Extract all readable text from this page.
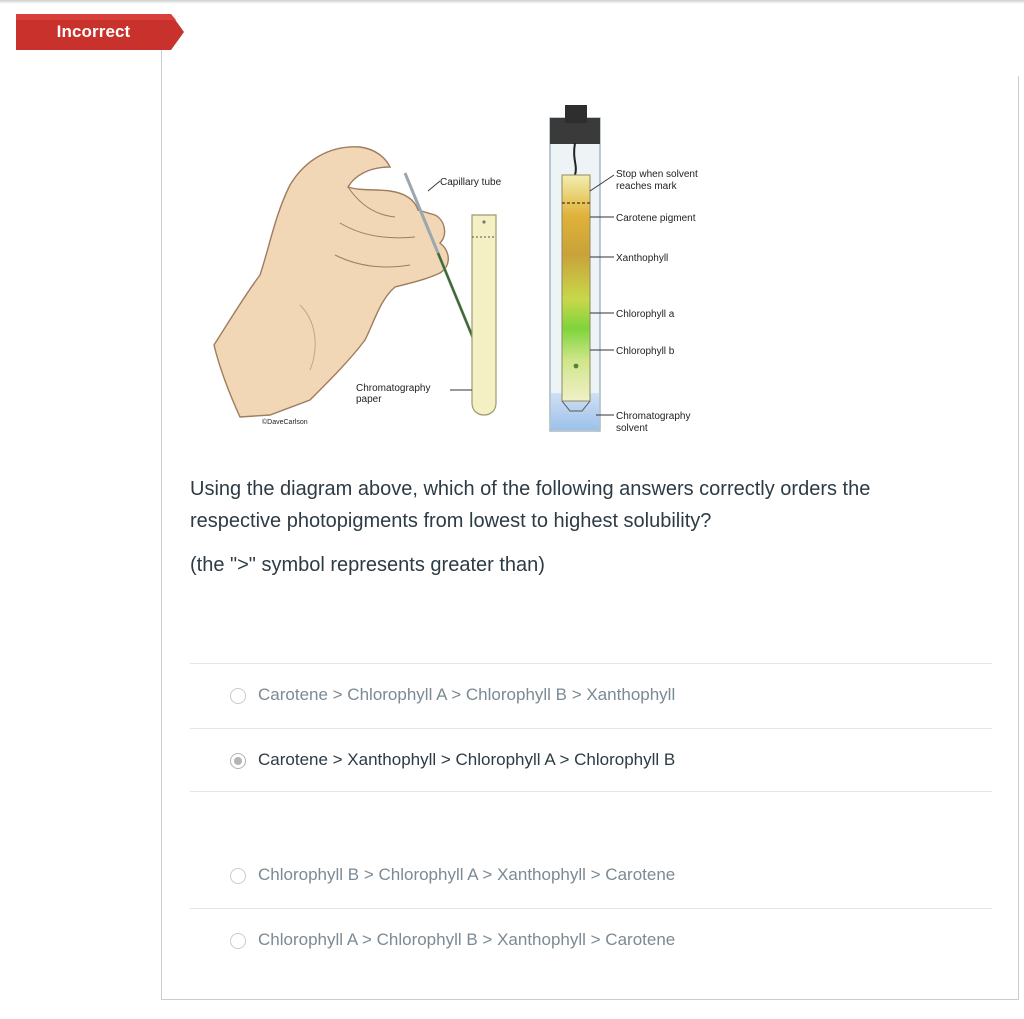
Incorrect
Capillary tube
Chromatography
paper
©DaveCarlson
Stop when solvent
reaches mark
Carotene pigment
Xanthophyll
Chlorophyll a
Chlorophyll b
Chromatography
solvent
Using the diagram above, which of the following answers correctly orders the respective photopigments from lowest to highest solubility?
(the ">" symbol represents greater than)
Carotene > Chlorophyll A > Chlorophyll B > Xanthophyll
Carotene > Xanthophyll > Chlorophyll A > Chlorophyll B
Chlorophyll B > Chlorophyll A > Xanthophyll > Carotene
Chlorophyll A > Chlorophyll B > Xanthophyll > Carotene
